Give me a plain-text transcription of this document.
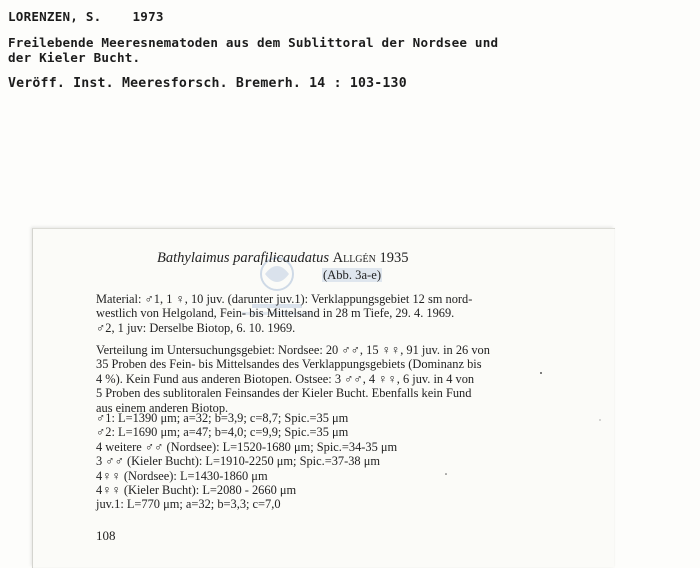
LORENZEN, S.    1973
Freilebende Meeresnematoden aus dem Sublittoral der Nordsee und
der Kieler Bucht.
Veröff. Inst. Meeresforsch. Bremerh. 14 : 103-130
Bathylaimus parafilicaudatus Allgén 1935
(Abb. 3a-e)
Material: ♂1, 1 ♀, 10 juv. (darunter juv.1): Verklappungsgebiet 12 sm nord-
westlich von Helgoland, Fein- bis Mittelsand in 28 m Tiefe, 29. 4. 1969.
♂2, 1 juv: Derselbe Biotop, 6. 10. 1969.
Verteilung im Untersuchungsgebiet: Nordsee: 20 ♂♂, 15 ♀♀, 91 juv. in 26 von
35 Proben des Fein- bis Mittelsandes des Verklappungsgebiets (Dominanz bis
4 %). Kein Fund aus anderen Biotopen. Ostsee: 3 ♂♂, 4 ♀♀, 6 juv. in 4 von
5 Proben des sublitoralen Feinsandes der Kieler Bucht. Ebenfalls kein Fund
aus einem anderen Biotop.
♂1: L=1390 μm; a=32; b=3,9; c=8,7; Spic.=35 μm
♂2: L=1690 μm; a=47; b=4,0; c=9,9; Spic.=35 μm
4 weitere ♂♂ (Nordsee): L=1520-1680 μm; Spic.=34-35 μm
3 ♂♂ (Kieler Bucht): L=1910-2250 μm; Spic.=37-38 μm
4♀♀ (Nordsee): L=1430-1860 μm
4♀♀ (Kieler Bucht): L=2080 - 2660 μm
juv.1: L=770 μm; a=32; b=3,3; c=7,0
108
